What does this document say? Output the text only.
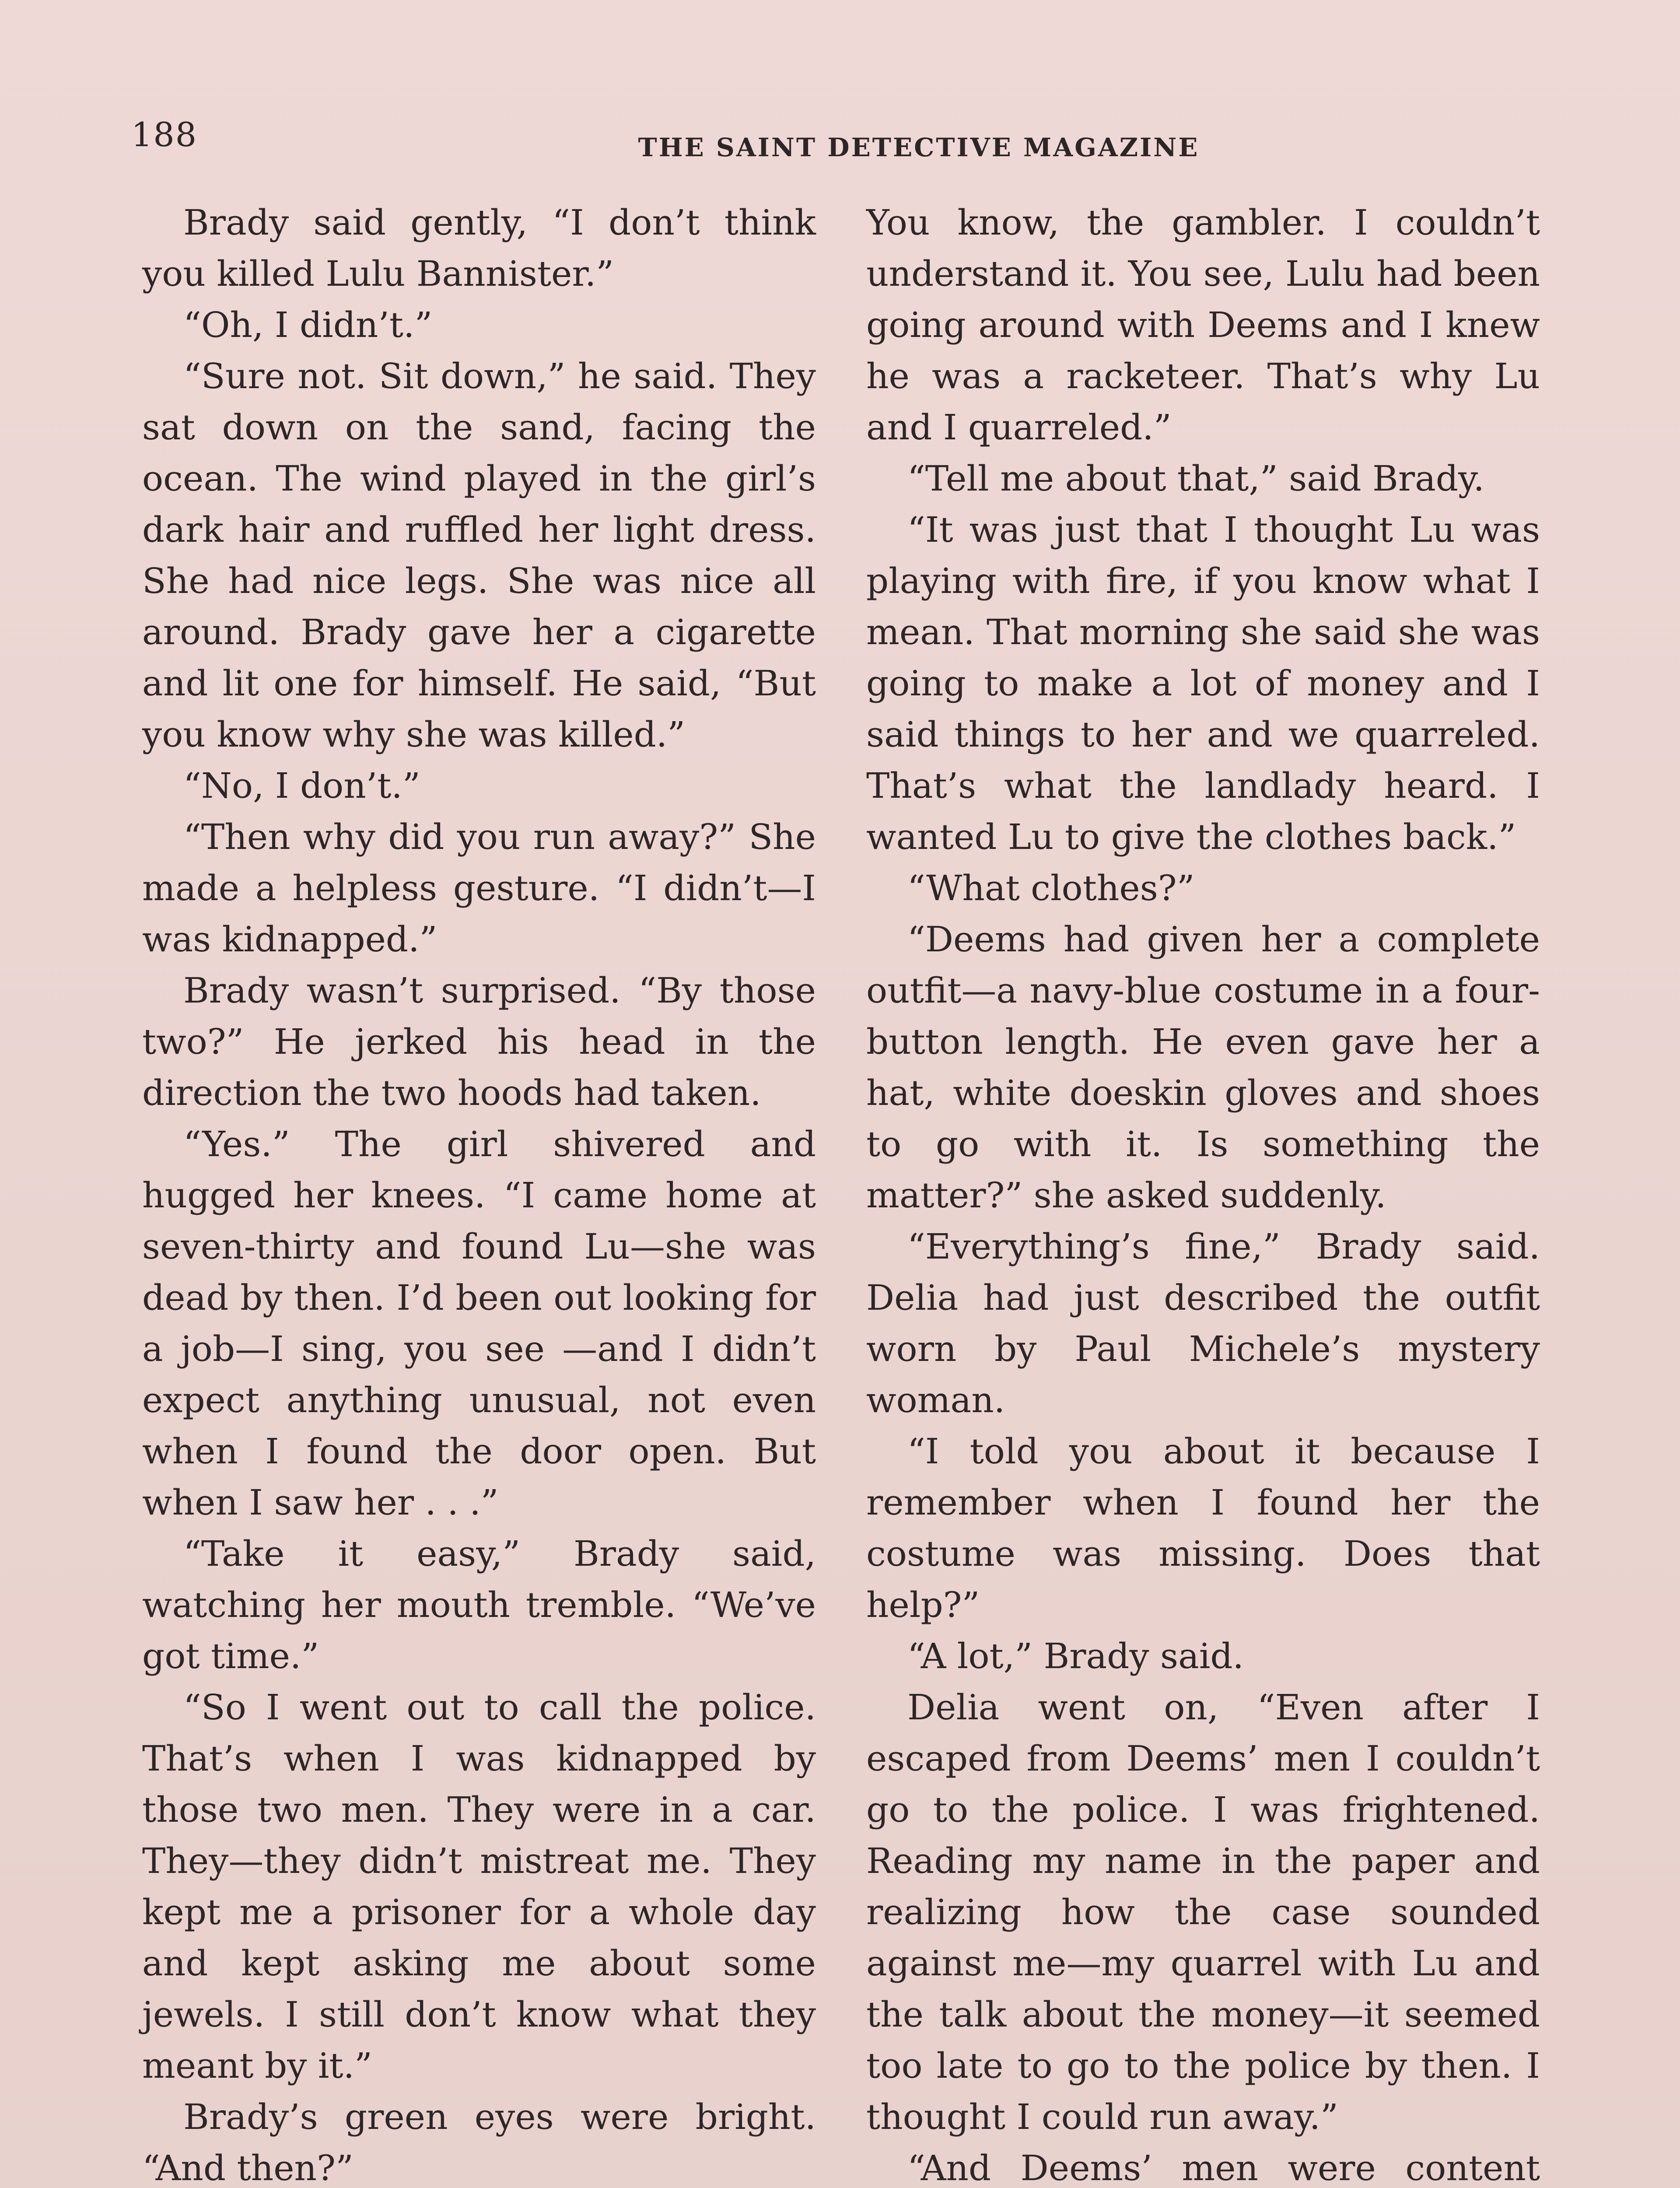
188	THE SAINT DETECTIVE MAGAZINE

Brady said gently, “I don’t think you killed Lulu Bannister.”

“Oh, I didn’t.”

“Sure not. Sit down,” he said. They sat down on the sand, facing the ocean. The wind played in the girl’s dark hair and ruffled her light dress. She had nice legs. She was nice all around. Brady gave her a cigarette and lit one for himself. He said, “But you know why she was killed.”

“No, I don’t.”

“Then why did you run away?” She made a helpless gesture. “I didn’t—I was kidnapped.”

Brady wasn’t surprised. “By those two?” He jerked his head in the direction the two hoods had taken.

“Yes.” The girl shivered and hugged her knees. “I came home at seven-thirty and found Lu—she was dead by then. I’d been out looking for a job—I sing, you see —and I didn’t expect anything unusual, not even when I found the door open. But when I saw her . . .”

“Take it easy,” Brady said, watching her mouth tremble. “We’ve got time.”

“So I went out to call the police. That’s when I was kidnapped by those two men. They were in a car. They—they didn’t mistreat me. They kept me a prisoner for a whole day and kept asking me about some jewels. I still don’t know what they meant by it.”

Brady’s green eyes were bright. “And then?”

You know, the gambler. I couldn’t understand it. You see, Lulu had been going around with Deems and I knew he was a racketeer. That’s why Lu and I quarreled.”

“Tell me about that,” said Brady.

“It was just that I thought Lu was playing with fire, if you know what I mean. That morning she said she was going to make a lot of money and I said things to her and we quarreled. That’s what the landlady heard. I wanted Lu to give the clothes back.”

“What clothes?”

“Deems had given her a complete outfit—a navy-blue costume in a four-button length. He even gave her a hat, white doeskin gloves and shoes to go with it. Is something the matter?” she asked suddenly.

“Everything’s fine,” Brady said. Delia had just described the outfit worn by Paul Michele’s mystery woman.

“I told you about it because I remember when I found her the costume was missing. Does that help?”

“A lot,” Brady said.

Delia went on, “Even after I escaped from Deems’ men I couldn’t go to the police. I was frightened. Reading my name in the paper and realizing how the case sounded against me—my quarrel with Lu and the talk about the money—it seemed too late to go to the police by then. I thought I could run away.”

“And Deems’ men were content
